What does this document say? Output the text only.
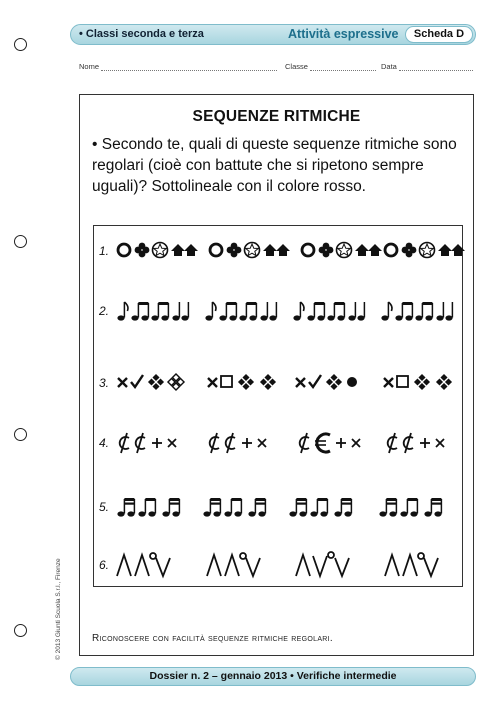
• Classi seconda e terza	Attività espressive	Scheda D
Nome	Classe	Data
SEQUENZE RITMICHE
• Secondo te, quali di queste sequenze ritmiche sono regolari (cioè con battute che si ripetono sempre uguali)? Sottolineale con il colore rosso.
1.
2.
3.
4.
5.
6.
Riconoscere con facilità sequenze ritmiche regolari.
© 2013 Giunti Scuola S.r.l., Firenze
Dossier n. 2 – gennaio 2013 • Verifiche intermedie
